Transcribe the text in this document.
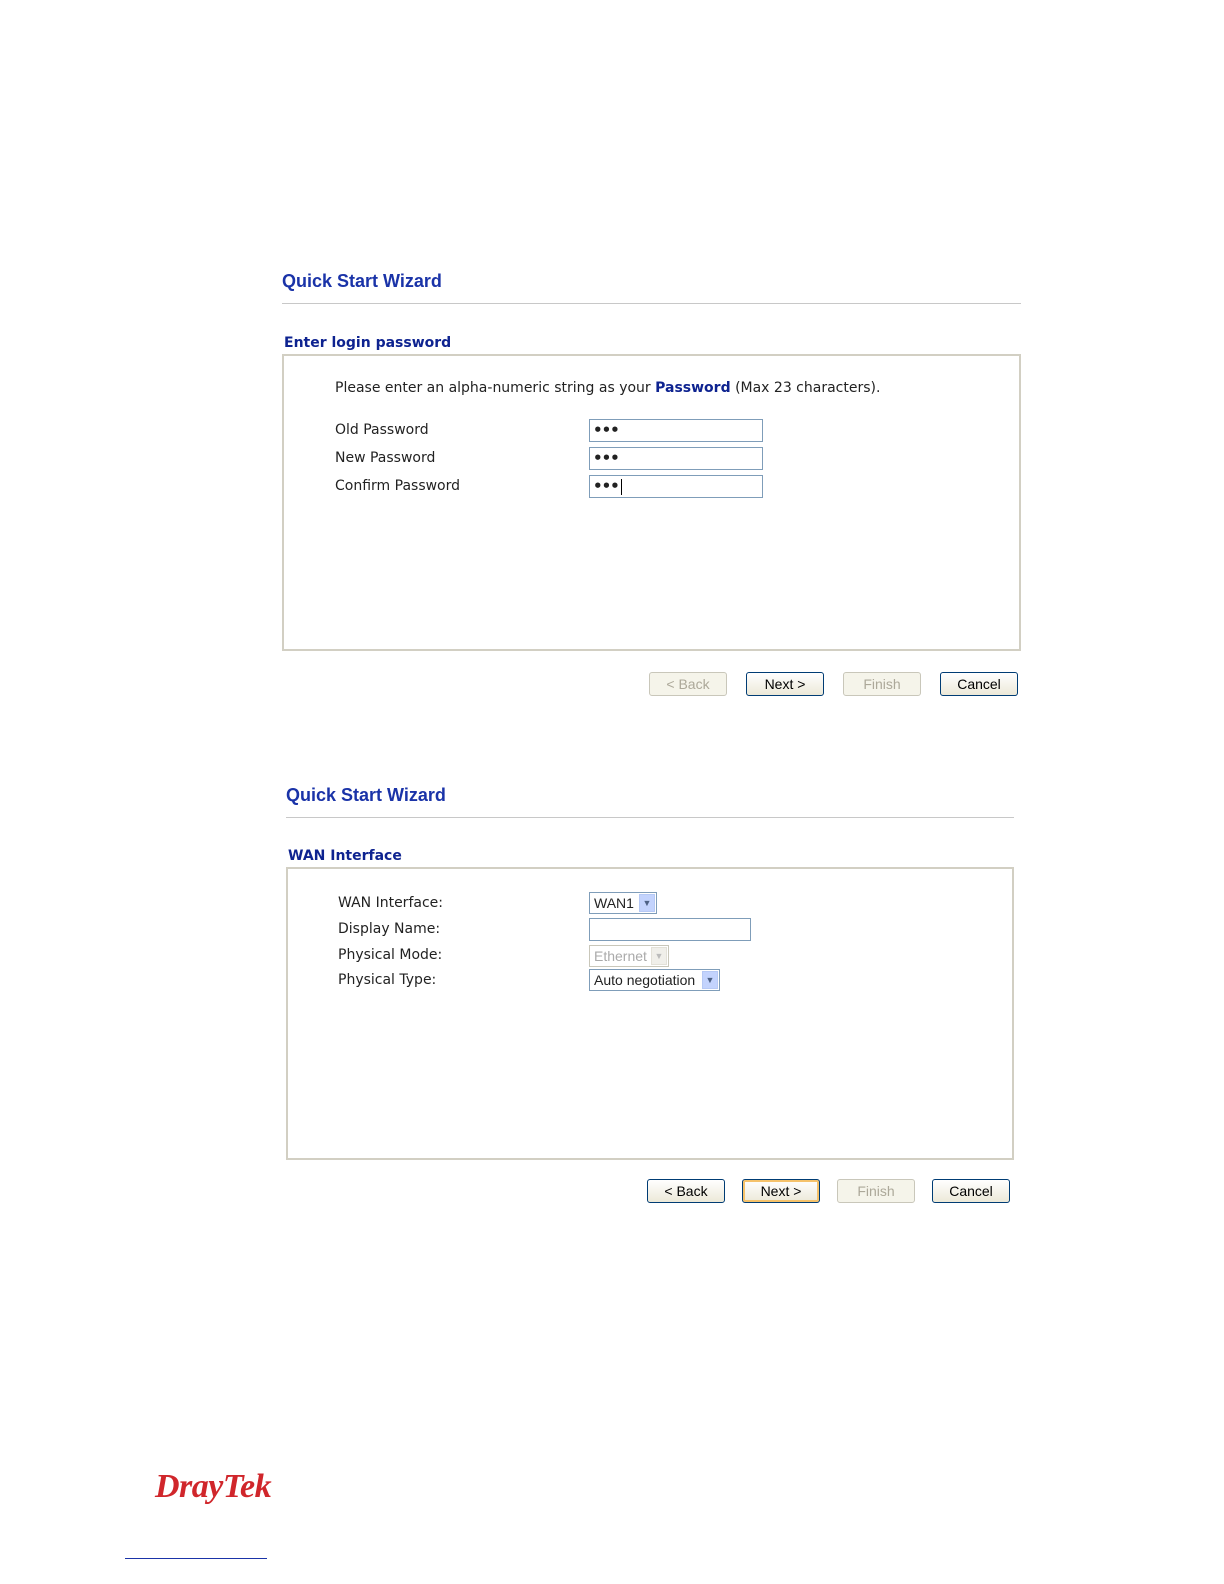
Quick Start Wizard
Enter login password
Please enter an alpha-numeric string as your Password (Max 23 characters).
Old Password	•••
New Password	•••
Confirm Password	•••
< Back	Next >	Finish	Cancel
Quick Start Wizard
WAN Interface
WAN Interface:	WAN1 ▼
Display Name:
Physical Mode:	Ethernet ▼
Physical Type:	Auto negotiation	▼
< Back	Next >	Finish	Cancel
DrayTek
